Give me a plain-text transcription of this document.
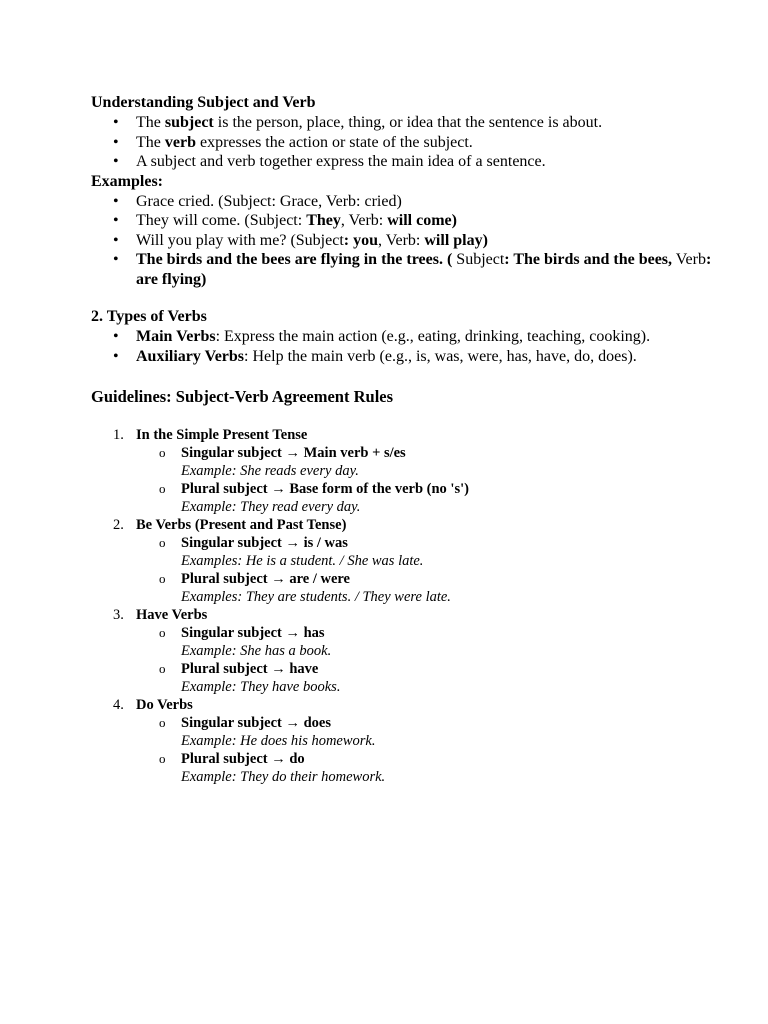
Understanding Subject and Verb
• The subject is the person, place, thing, or idea that the sentence is about.
• The verb expresses the action or state of the subject.
• A subject and verb together express the main idea of a sentence.
Examples:
• Grace cried. (Subject: Grace, Verb: cried)
• They will come. (Subject: They, Verb: will come)
• Will you play with me? (Subject: you, Verb: will play)
• The birds and the bees are flying in the trees. ( Subject: The birds and the bees, Verb: are flying)
2. Types of Verbs
• Main Verbs: Express the main action (e.g., eating, drinking, teaching, cooking).
• Auxiliary Verbs: Help the main verb (e.g., is, was, were, has, have, do, does).
Guidelines: Subject-Verb Agreement Rules
1. In the Simple Present Tense
o Singular subject → Main verb + s/es
Example: She reads every day.
o Plural subject → Base form of the verb (no 's')
Example: They read every day.
2. Be Verbs (Present and Past Tense)
o Singular subject → is / was
Examples: He is a student. / She was late.
o Plural subject → are / were
Examples: They are students. / They were late.
3. Have Verbs
o Singular subject → has
Example: She has a book.
o Plural subject → have
Example: They have books.
4. Do Verbs
o Singular subject → does
Example: He does his homework.
o Plural subject → do
Example: They do their homework.
